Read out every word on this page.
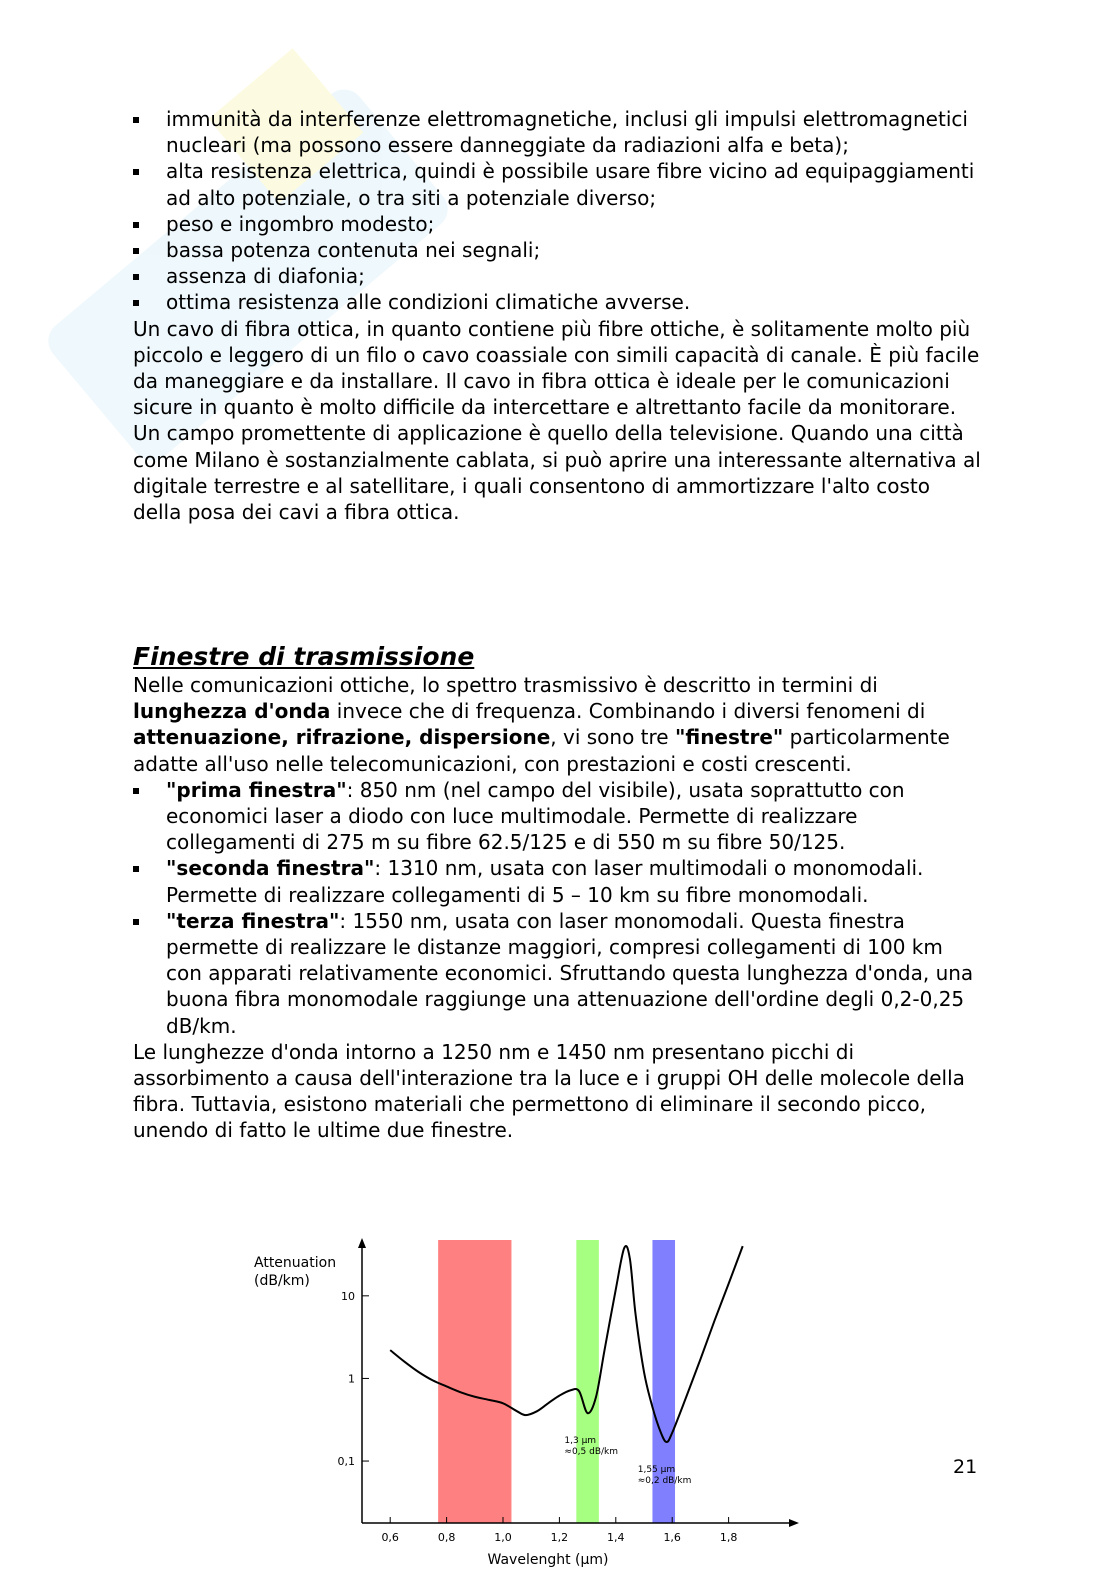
immunità da interferenze elettromagnetiche, inclusi gli impulsi elettromagnetici nucleari (ma possono essere danneggiate da radiazioni alfa e beta);
alta resistenza elettrica, quindi è possibile usare fibre vicino ad equipaggiamenti ad alto potenziale, o tra siti a potenziale diverso;
peso e ingombro modesto;
bassa potenza contenuta nei segnali;
assenza di diafonia;
ottima resistenza alle condizioni climatiche avverse.

Un cavo di fibra ottica, in quanto contiene più fibre ottiche, è solitamente molto più piccolo e leggero di un filo o cavo coassiale con simili capacità di canale. È più facile da maneggiare e da installare. Il cavo in fibra ottica è ideale per le comunicazioni sicure in quanto è molto difficile da intercettare e altrettanto facile da monitorare.

Un campo promettente di applicazione è quello della televisione. Quando una città come Milano è sostanzialmente cablata, si può aprire una interessante alternativa al digitale terrestre e al satellitare, i quali consentono di ammortizzare l'alto costo della posa dei cavi a fibra ottica.

Finestre di trasmissione

Nelle comunicazioni ottiche, lo spettro trasmissivo è descritto in termini di lunghezza d'onda invece che di frequenza. Combinando i diversi fenomeni di attenuazione, rifrazione, dispersione, vi sono tre "finestre" particolarmente adatte all'uso nelle telecomunicazioni, con prestazioni e costi crescenti.

"prima finestra": 850 nm (nel campo del visibile), usata soprattutto con economici laser a diodo con luce multimodale. Permette di realizzare collegamenti di 275 m su fibre 62.5/125 e di 550 m su fibre 50/125.
"seconda finestra": 1310 nm, usata con laser multimodali o monomodali. Permette di realizzare collegamenti di 5 – 10 km su fibre monomodali.
"terza finestra": 1550 nm, usata con laser monomodali. Questa finestra permette di realizzare le distanze maggiori, compresi collegamenti di 100 km con apparati relativamente economici. Sfruttando questa lunghezza d'onda, una buona fibra monomodale raggiunge una attenuazione dell'ordine degli 0,2-0,25 dB/km.

Le lunghezze d'onda intorno a 1250 nm e 1450 nm presentano picchi di assorbimento a causa dell'interazione tra la luce e i gruppi OH delle molecole della fibra. Tuttavia, esistono materiali che permettono di eliminare il secondo picco, unendo di fatto le ultime due finestre.

0,6	0,8	1,0	1,2	1,4	1,6	1,8
0,1
1
10
Attenuation
(dB/km)
Wavelenght (µm)
1,3 µm
≈0,5 dB/km
1,55 µm
≈0,2 dB/km
21
